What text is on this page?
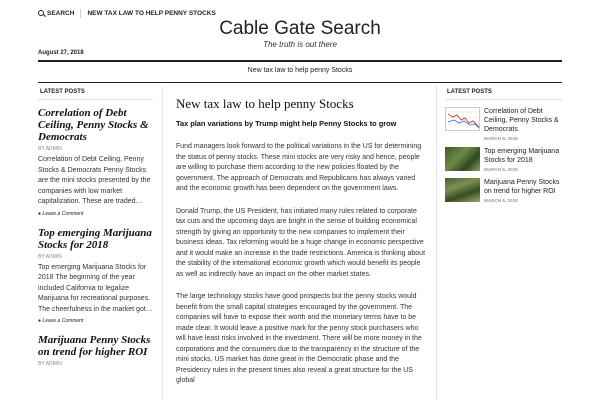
SEARCH NEW TAX LAW TO HELP PENNY STOCKS
Cable Gate Search
The truth is out there
August 27, 2018
New tax law to help penny Stocks
LATEST POSTS
Correlation of Debt Ceiling, Penny Stocks & Democrats
BY ADMIN
Correlation of Debt Ceiling, Penny Stocks & Democrats Penny Stocks are the mini stocks presented by the companies with low market capitalization. These are traded…
● Leave a Comment
Top emerging Marijuana Stocks for 2018
BY ADMIN
Top emerging Marijuana Stocks for 2018 The beginning of the year included California to legalize Marijuana for recreational purposes. The cheerfulness in the market got…
● Leave a Comment
Marijuana Penny Stocks on trend for higher ROI
BY ADMIN
New tax law to help penny Stocks
Tax plan variations by Trump might help Penny Stocks to grow

Fund managers look forward to the political variations in the US for determining the status of penny stocks. These mini stocks are very risky and hence, people are willing to purchase them according to the new policies floated by the government. The approach of Democrats and Republicans has always varied and the economic growth has been dependent on the government laws.

Donald Trump, the US President, has initiated many rules related to corporate tax cuts and the upcoming days are bright in the sense of building economical strength by giving an opportunity to the new companies to implement their business ideas. Tax reforming would be a huge change in economic perspective and it would make an increase in the trade restrictions. America is thinking about the stability of the international economic growth which would benefit its people as well as indirectly have an impact on the other market states.

The large technology stocks have good prospects but the penny stocks would benefit from the small capital strategies encouraged by the government. The companies will have to expose their worth and the monetary terms have to be made clear. It would leave a positive mark for the penny stock purchasers who will have least risks involved in the investment. There will be more money in the corporations and the consumers due to the transparency in the structure of the mini stocks. US market has done great in the Democratic phase and the Presidency rules in the present times also reveal a great structure for the US global

LATEST POSTS
Correlation of Debt Ceiling, Penny Stocks & Democrats
MARCH 6, 2018
Top emerging Marijuana Stocks for 2018
MARCH 6, 2018
Marijuana Penny Stocks on trend for higher ROI
MARCH 6, 2018
